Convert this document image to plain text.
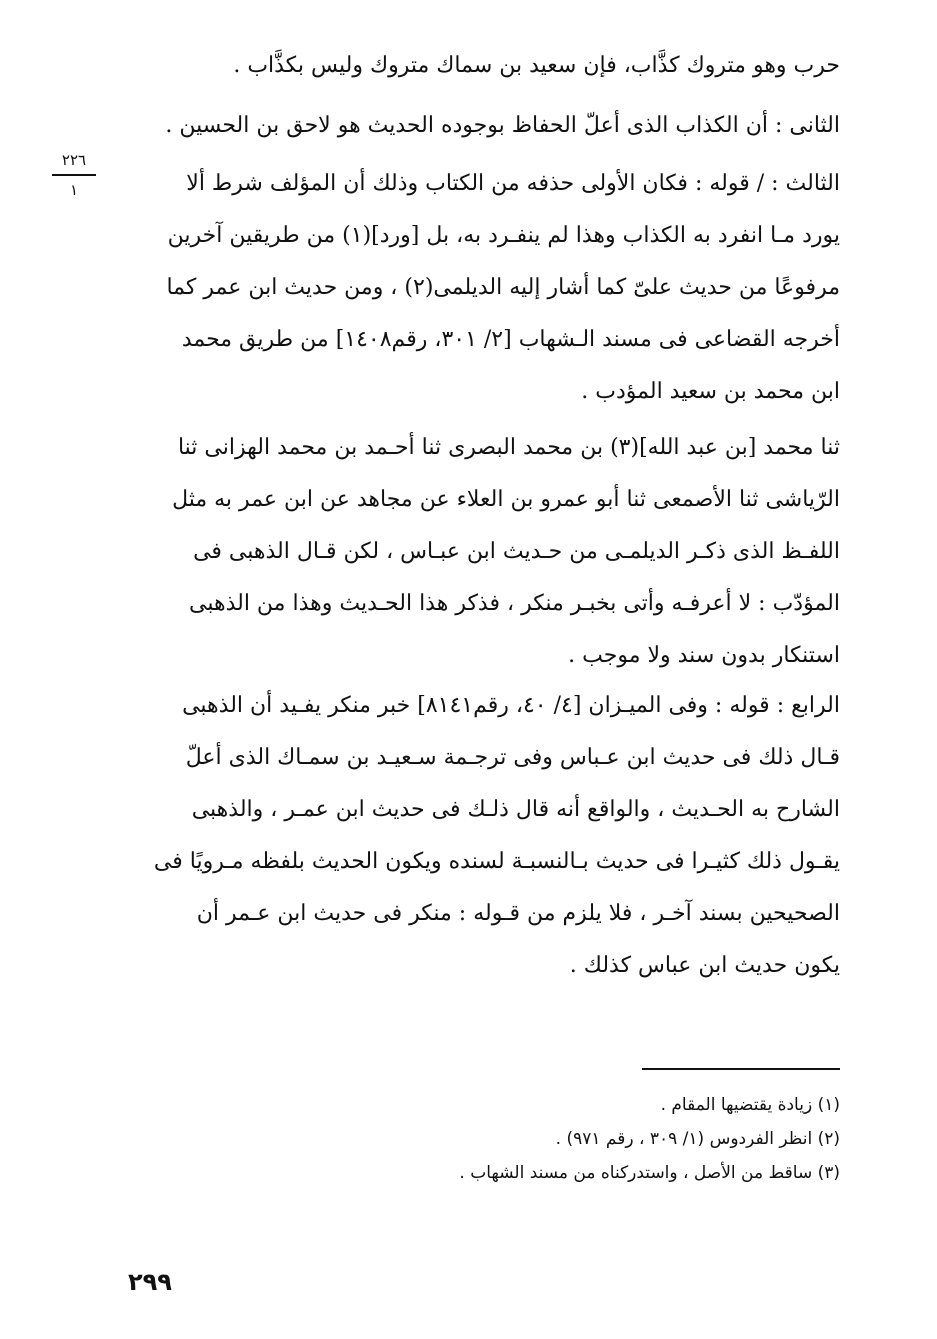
٢٢٦
١
حرب وهو متروك كذَّاب، فإن سعيد بن سماك متروك وليس بكذَّاب .
الثانى : أن الكذاب الذى أعلّ الحفاظ بوجوده الحديث هو لاحق بن الحسين .
الثالث : / قوله : فكان الأولى حذفه من الكتاب وذلك أن المؤلف شرط ألا
يورد مـا انفرد به الكذاب وهذا لم ينفـرد به، بل [ورد](١) من طريقين آخرين
مرفوعًا من حديث علىّ كما أشار إليه الديلمى(٢) ، ومن حديث ابن عمر كما
أخرجه القضاعى فى مسند الـشهاب [٢/ ٣٠١، رقم١٤٠٨] من طريق محمد
ابن محمد بن سعيد المؤدب .
ثنا محمد [بن عبد الله](٣) بن محمد البصرى ثنا أحـمد بن محمد الهزانى ثنا
الرّياشى ثنا الأصمعى ثنا أبو عمرو بن العلاء عن مجاهد عن ابن عمر به مثل
اللفـظ الذى ذكـر الديلمـى من حـديث ابن عبـاس ، لكن قـال الذهبى فى
المؤدّب : لا أعرفـه وأتى بخبـر منكر ، فذكر هذا الحـديث وهذا من الذهبى
استنكار بدون سند ولا موجب .
الرابع : قوله : وفى الميـزان [٤/ ٤٠، رقم٨١٤١] خبر منكر يفـيد أن الذهبى
قـال ذلك فى حديث ابن عـباس وفى ترجـمة سـعيـد بن سمـاك الذى أعلّ
الشارح به الحـديث ، والواقع أنه قال ذلـك فى حديث ابن عمـر ، والذهبى
يقـول ذلك كثيـرا فى حديث بـالنسبـة لسنده ويكون الحديث بلفظه مـرويًا فى
الصحيحين بسند آخـر ، فلا يلزم من قـوله : منكر فى حديث ابن عـمر أن
يكون حديث ابن عباس كذلك .
(١) زيادة يقتضيها المقام .
(٢) انظر الفردوس (١/ ٣٠٩ ، رقم ٩٧١) .
(٣) ساقط من الأصل ، واستدركناه من مسند الشهاب .
٢٩٩
